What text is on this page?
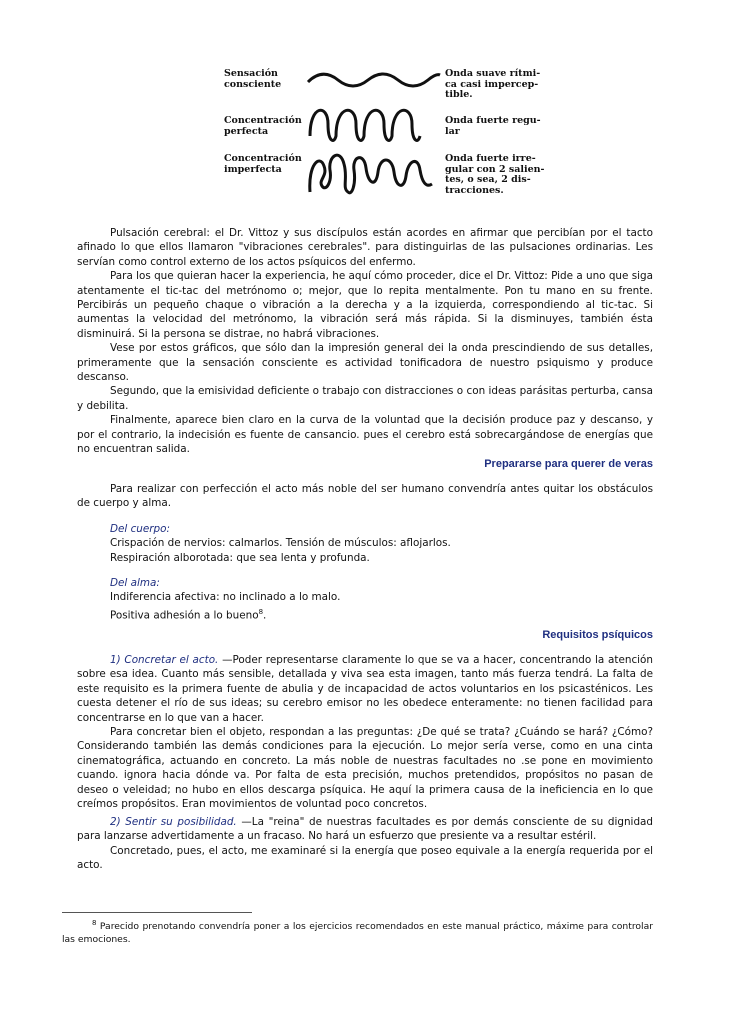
Sensación
consciente
Onda suave rítmi-
ca casi impercep-
tible.
Concentración
perfecta
Onda fuerte regu-
lar
Concentración
imperfecta
Onda fuerte irre-
gular con 2 salien-
tes, o sea, 2 dis-
tracciones.

Pulsación cerebral: el Dr. Vittoz y sus discípulos están acordes en afirmar que percibían por el tacto afinado lo que ellos llamaron "vibraciones cerebrales". para distinguirlas de las pulsaciones ordinarias. Les servían como control externo de los actos psíquicos del enfermo.

Para los que quieran hacer la experiencia, he aquí cómo proceder, dice el Dr. Vittoz: Pide a uno que siga atentamente el tic-tac del metrónomo o; mejor, que lo repita mentalmente. Pon tu mano en su frente. Percibirás un pequeño chaque o vibración a la derecha y a la izquierda, correspondiendo al tic-tac. Si aumentas la velocidad del metrónomo, la vibración será más rápida. Si la disminuyes, también ésta disminuirá. Si la persona se distrae, no habrá vibraciones.

Vese por estos gráficos, que sólo dan la impresión general dei la onda prescindiendo de sus detalles, primeramente que la sensación consciente es actividad tonificadora de nuestro psiquismo y produce descanso.

Segundo, que la emisividad deficiente o trabajo con distracciones o con ideas parásitas perturba, cansa y debilita.

Finalmente, aparece bien claro en la curva de la voluntad que la decisión produce paz y descanso, y por el contrario, la indecisión es fuente de cansancio. pues el cerebro está sobrecargándose de energías que no encuentran salida.

Prepararse para querer de veras

Para realizar con perfección el acto más noble del ser humano convendría antes quitar los obstáculos de cuerpo y alma.

Del cuerpo:
Crispación de nervios: calmarlos. Tensión de músculos: aflojarlos.
Respiración alborotada: que sea lenta y profunda.
Del alma:
Indiferencia afectiva: no inclinado a lo malo.
Positiva adhesión a lo bueno$^8$.
Requisitos psíquicos

1) Concretar el acto. —Poder representarse claramente lo que se va a hacer, concentrando la atención sobre esa idea. Cuanto más sensible, detallada y viva sea esta imagen, tanto más fuerza tendrá. La falta de este requisito es la primera fuente de abulia y de incapacidad de actos voluntarios en los psicasténicos. Les cuesta detener el río de sus ideas; su cerebro emisor no les obedece enteramente: no tienen facilidad para concentrarse en lo que van a hacer.

Para concretar bien el objeto, respondan a las preguntas: ¿De qué se trata? ¿Cuándo se hará? ¿Cómo? Considerando también las demás condiciones para la ejecución. Lo mejor sería verse, como en una cinta cinematográfica, actuando en concreto. La más noble de nuestras facultades no .se pone en movimiento cuando. ignora hacia dónde va. Por falta de esta precisión, muchos pretendidos, propósitos no pasan de deseo o veleidad; no hubo en ellos descarga psíquica. He aquí la primera causa de la ineficiencia en lo que creímos propósitos. Eran movimientos de voluntad poco concretos.

2) Sentir su posibilidad. —La "reina" de nuestras facultades es por demás consciente de su dignidad para lanzarse advertidamente a un fracaso. No hará un esfuerzo que presiente va a resultar estéril.

Concretado, pues, el acto, me examinaré si la energía que poseo equivale a la energía requerida por el acto.

$^8$ Parecido prenotando convendría poner a los ejercicios recomendados en este manual práctico, máxime para controlar las emociones.
